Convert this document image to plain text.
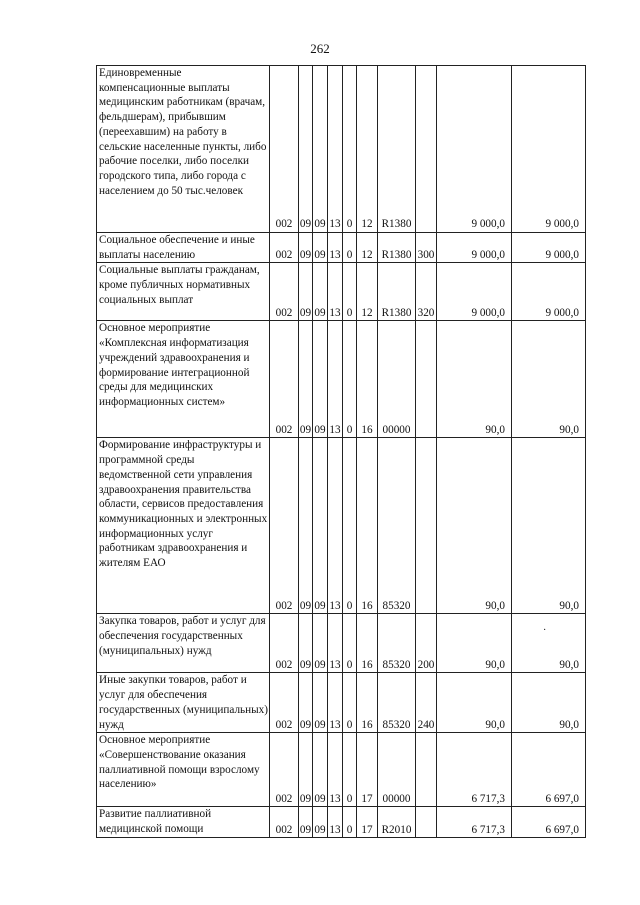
262
Единовременные компенсационные выплаты медицинским работникам (врачам, фельдшерам), прибывшим (переехавшим) на работу в сельские населенные пункты, либо рабочие поселки, либо поселки городского типа, либо города с населением до 50 тыс.человек	002	09	09	13	0	12	R1380		9 000,0	9 000,0
Социальное обеспечение и иные выплаты населению	002	09	09	13	0	12	R1380	300	9 000,0	9 000,0
Социальные выплаты гражданам, кроме публичных нормативных социальных выплат	002	09	09	13	0	12	R1380	320	9 000,0	9 000,0
Основное мероприятие «Комплексная информатизация учреждений здравоохранения и формирование интеграционной среды для медицинских информационных систем»	002	09	09	13	0	16	00000		90,0	90,0
Формирование инфраструктуры и программной среды ведомственной сети управления здравоохранения правительства области, сервисов предоставления коммуникационных и электронных информационных услуг работникам здравоохранения и жителям ЕАО	002	09	09	13	0	16	85320		90,0	90,0
Закупка товаров, работ и услуг для обеспечения государственных (муниципальных) нужд	002	09	09	13	0	16	85320	200	90,0	90,0
Иные закупки товаров, работ и услуг для обеспечения государственных (муниципальных) нужд	002	09	09	13	0	16	85320	240	90,0	90,0
Основное мероприятие «Совершенствование оказания паллиативной помощи взрослому населению»	002	09	09	13	0	17	00000		6 717,3	6 697,0
Развитие паллиативной медицинской помощи	002	09	09	13	0	17	R2010		6 717,3	6 697,0
·
